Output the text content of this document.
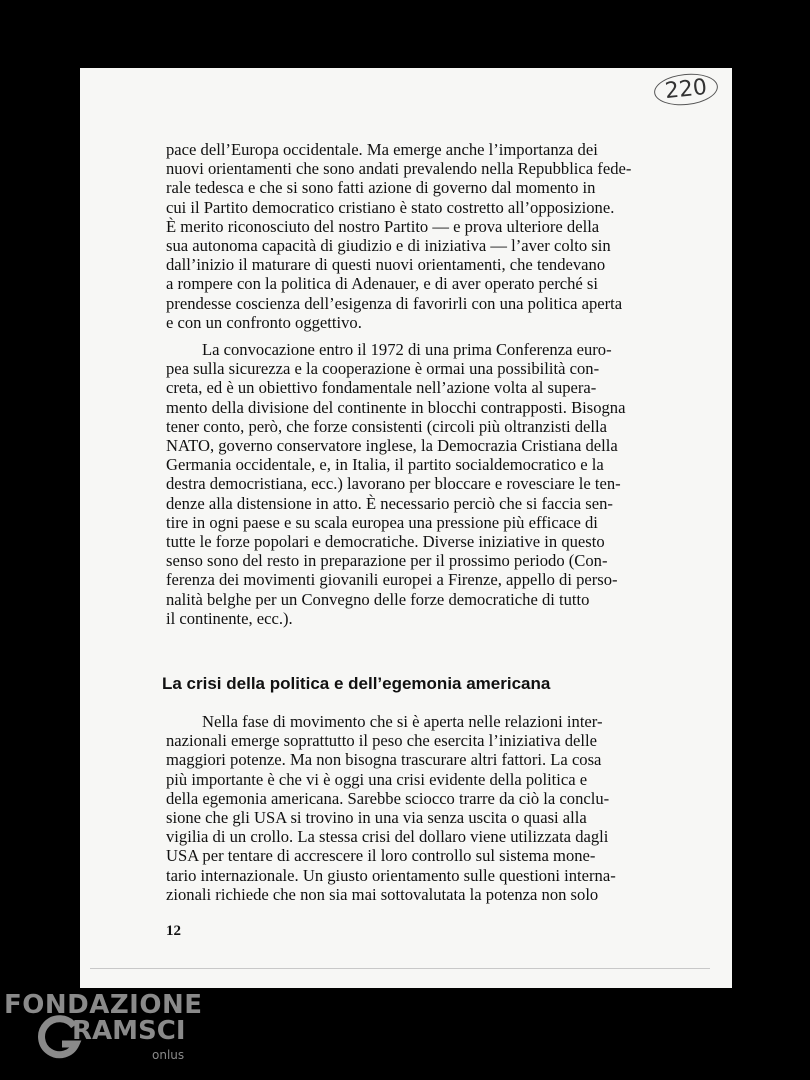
220
pace dell’Europa occidentale. Ma emerge anche l’importanza dei
nuovi orientamenti che sono andati prevalendo nella Repubblica fede-
rale tedesca e che si sono fatti azione di governo dal momento in
cui il Partito democratico cristiano è stato costretto all’opposizione.
È merito riconosciuto del nostro Partito — e prova ulteriore della
sua autonoma capacità di giudizio e di iniziativa — l’aver colto sin
dall’inizio il maturare di questi nuovi orientamenti, che tendevano
a rompere con la politica di Adenauer, e di aver operato perché si
prendesse coscienza dell’esigenza di favorirli con una politica aperta
e con un confronto oggettivo.
La convocazione entro il 1972 di una prima Conferenza euro-
pea sulla sicurezza e la cooperazione è ormai una possibilità con-
creta, ed è un obiettivo fondamentale nell’azione volta al supera-
mento della divisione del continente in blocchi contrapposti. Bisogna
tener conto, però, che forze consistenti (circoli più oltranzisti della
NATO, governo conservatore inglese, la Democrazia Cristiana della
Germania occidentale, e, in Italia, il partito socialdemocratico e la
destra democristiana, ecc.) lavorano per bloccare e rovesciare le ten-
denze alla distensione in atto. È necessario perciò che si faccia sen-
tire in ogni paese e su scala europea una pressione più efficace di
tutte le forze popolari e democratiche. Diverse iniziative in questo
senso sono del resto in preparazione per il prossimo periodo (Con-
ferenza dei movimenti giovanili europei a Firenze, appello di perso-
nalità belghe per un Convegno delle forze democratiche di tutto
il continente, ecc.).
La crisi della politica e dell’egemonia americana
Nella fase di movimento che si è aperta nelle relazioni inter-
nazionali emerge soprattutto il peso che esercita l’iniziativa delle
maggiori potenze. Ma non bisogna trascurare altri fattori. La cosa
più importante è che vi è oggi una crisi evidente della politica e
della egemonia americana. Sarebbe sciocco trarre da ciò la conclu-
sione che gli USA si trovino in una via senza uscita o quasi alla
vigilia di un crollo. La stessa crisi del dollaro viene utilizzata dagli
USA per tentare di accrescere il loro controllo sul sistema mone-
tario internazionale. Un giusto orientamento sulle questioni interna-
zionali richiede che non sia mai sottovalutata la potenza non solo
12
FONDAZIONE
RAMSCI
onlus
